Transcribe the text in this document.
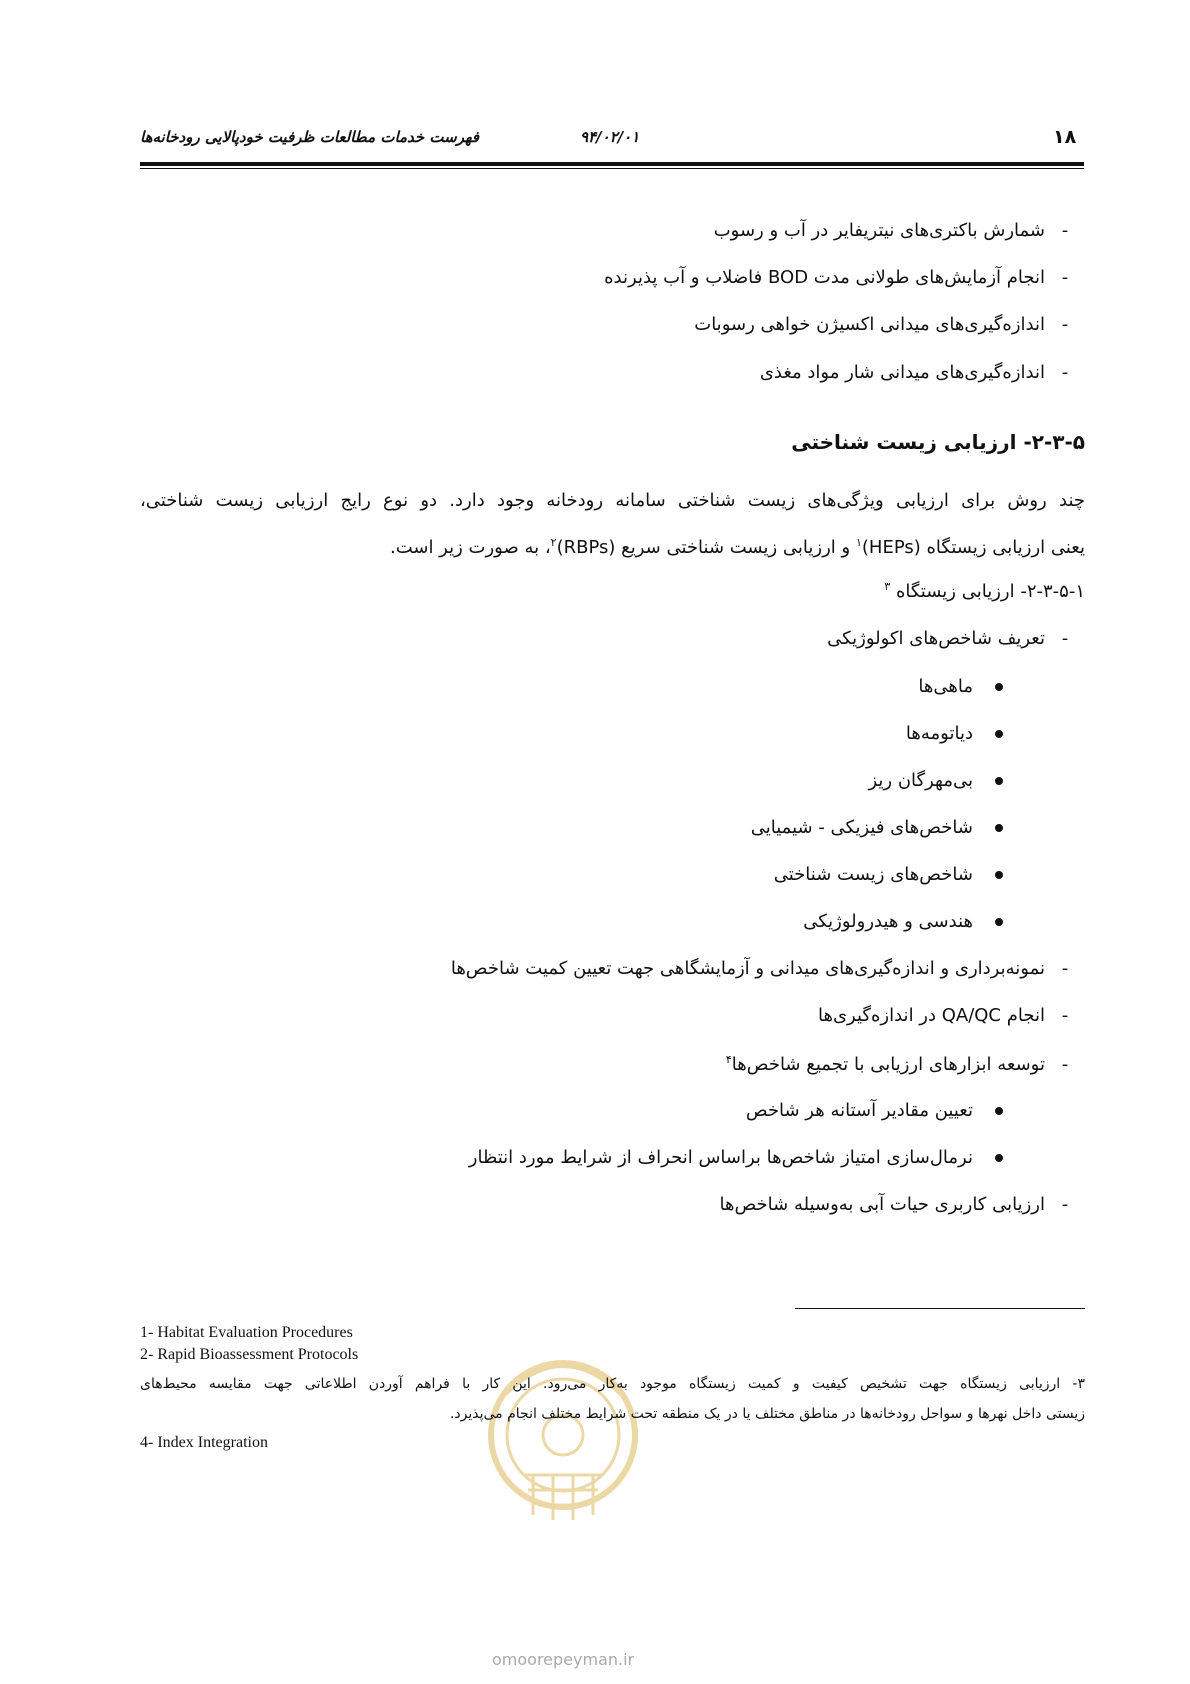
۱۸
۹۴/۰۲/۰۱
فهرست خدمات مطالعات ظرفیت خودپالایی رودخانه‌ها
-شمارش باکتری‌های نیتریفایر در آب و رسوب
-انجام آزمایش‌های طولانی مدت BOD فاضلاب و آب پذیرنده
-اندازه‌گیری‌های میدانی اکسیژن خواهی رسوبات
-اندازه‌گیری‌های میدانی شار مواد مغذی
۲-۳-۵- ارزیابی زیست شناختی
چند روش برای ارزیابی ویژگی‌های زیست شناختی سامانه رودخانه وجود دارد. دو نوع رایج ارزیابی زیست شناختی،
یعنی ارزیابی زیستگاه (HEPs)$^۱$ و ارزیابی زیست شناختی سریع (RBPs)$^۲$، به صورت زیر است.
۲-۳-۵-۱- ارزیابی زیستگاه $^۳$
-تعریف شاخص‌های اکولوژیکی
ماهی‌ها
دیاتومه‌ها
بی‌مهرگان ریز
شاخص‌های فیزیکی - شیمیایی
شاخص‌های زیست شناختی
هندسی و هیدرولوژیکی
-نمونه‌برداری و اندازه‌گیری‌های میدانی و آزمایشگاهی جهت تعیین کمیت شاخص‌ها
-انجام QA/QC در اندازه‌گیری‌ها
-توسعه ابزارهای ارزیابی با تجمیع شاخص‌ها$^۴$
تعیین مقادیر آستانه هر شاخص
نرمال‌سازی امتیاز شاخص‌ها براساس انحراف از شرایط مورد انتظار
-ارزیابی کاربری حیات آبی به‌وسیله شاخص‌ها
1- Habitat Evaluation Procedures
2- Rapid Bioassessment Protocols
۳- ارزیابی زیستگاه جهت تشخیص کیفیت و کمیت زیستگاه موجود به‌کار می‌رود. این کار با فراهم آوردن اطلاعاتی جهت مقایسه محیط‌های
زیستی داخل نهرها و سواحل رودخانه‌ها در مناطق مختلف یا در یک منطقه تحت شرایط مختلف انجام می‌پذیرد.
4- Index Integration
omoorepeyman.ir
